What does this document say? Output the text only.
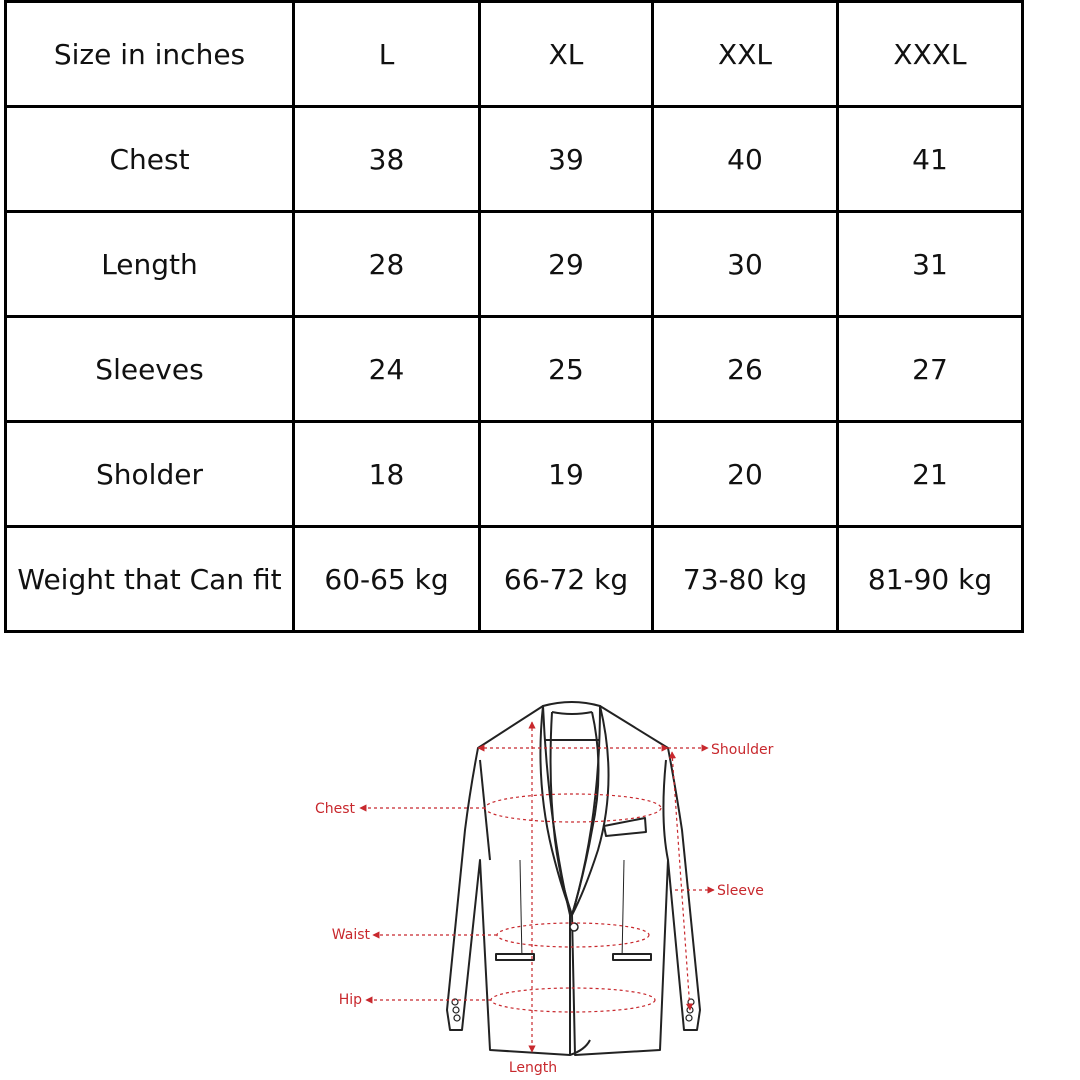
Size in inches	L	XL	XXL	XXXL
Chest	38	39	40	41
Length	28	29	30	31
Sleeves	24	25	26	27
Sholder	18	19	20	21
Weight that Can fit	60-65 kg	66-72 kg	73-80 kg	81-90 kg
Shoulder
Chest
Sleeve
Waist
Hip
Length
